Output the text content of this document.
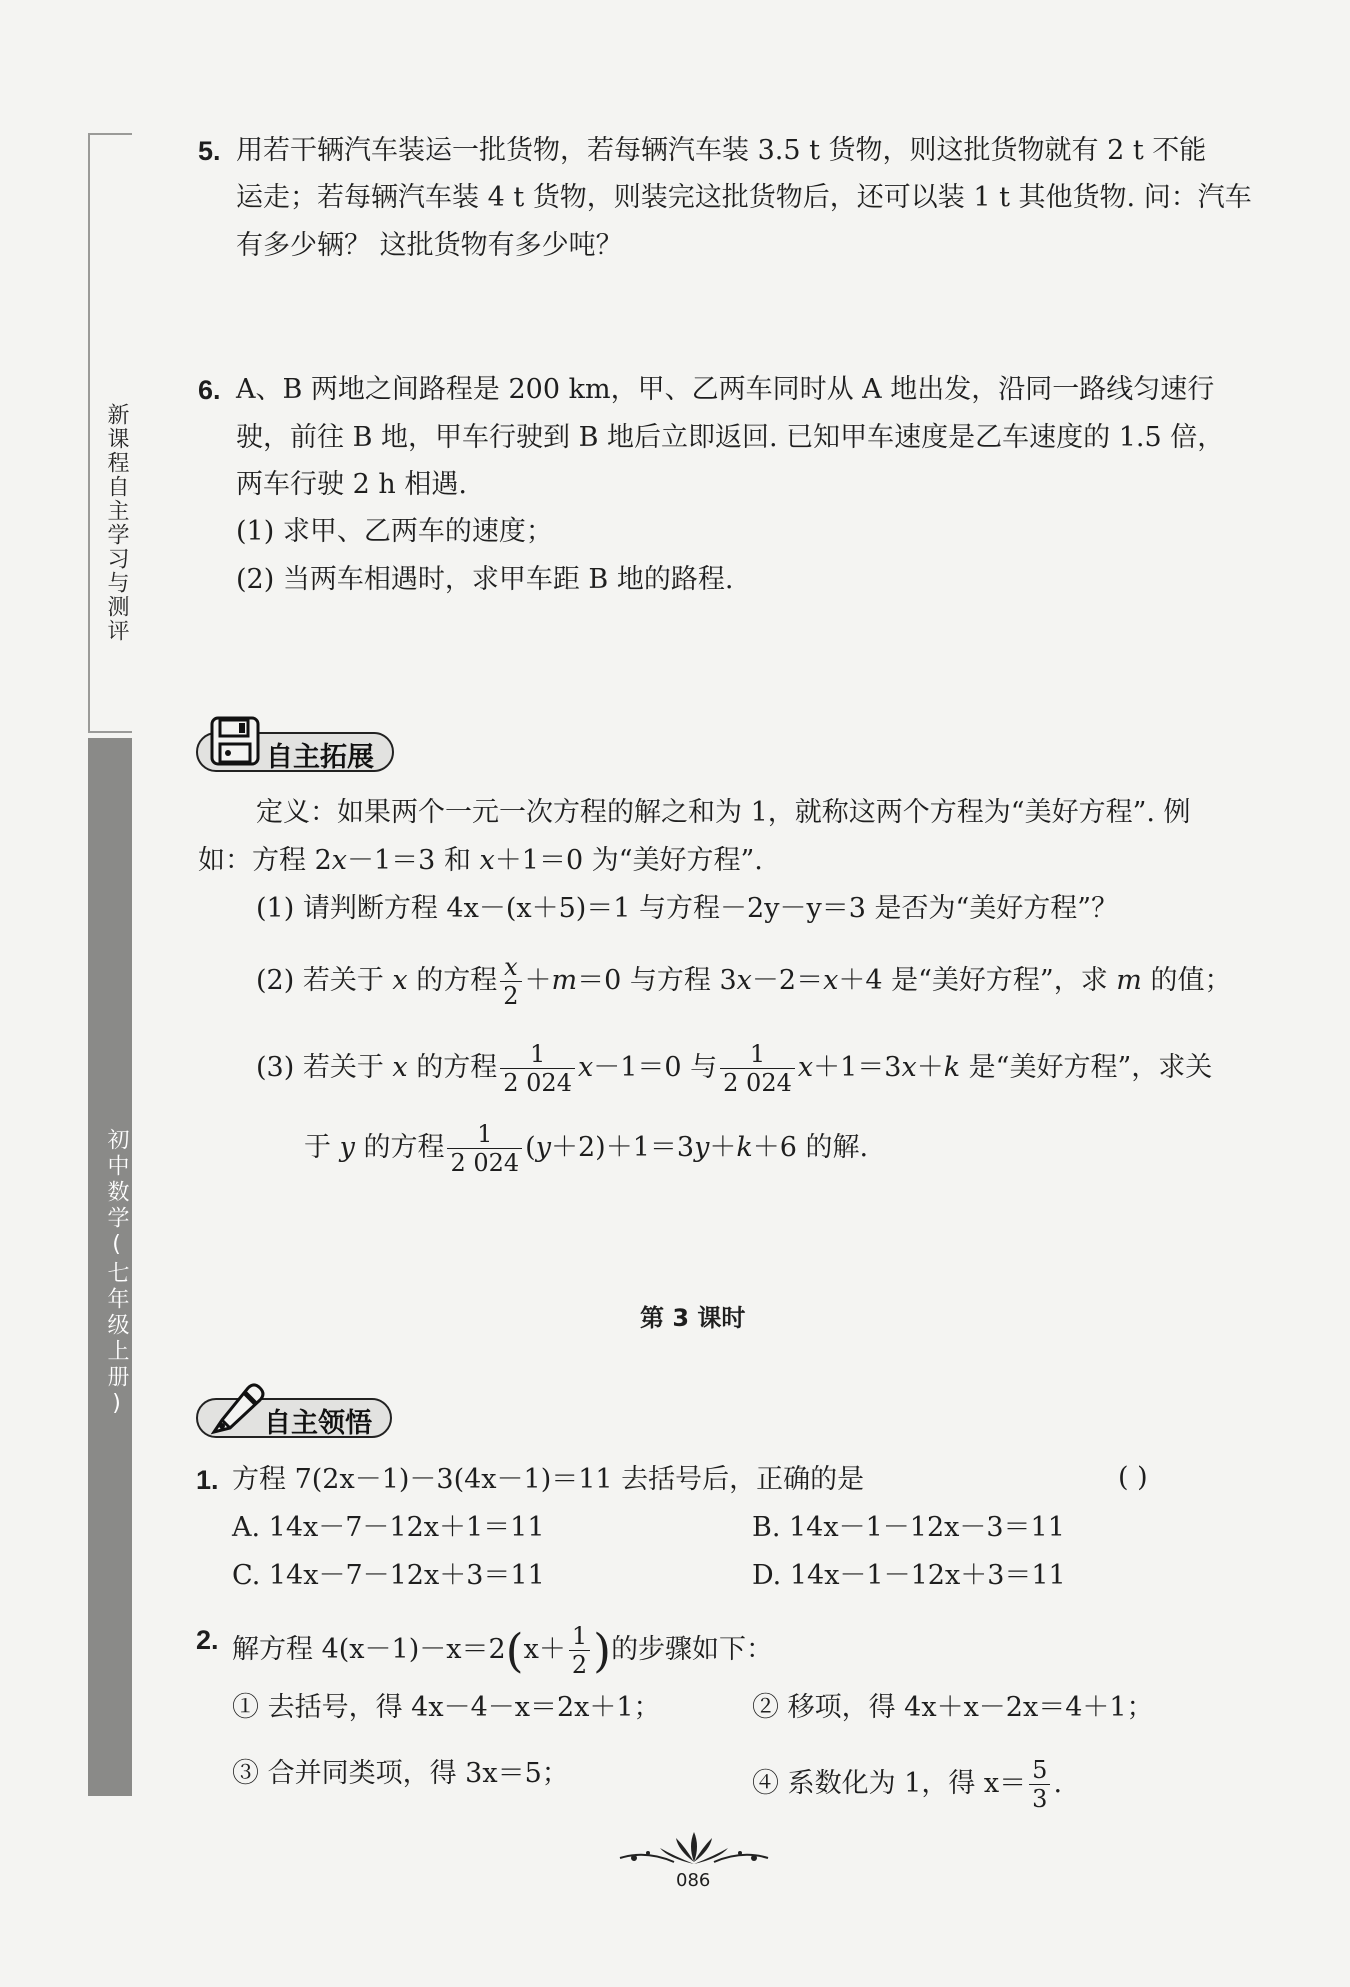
新课程自主学习与测评
初中数学(七年级上册)
5. 用若干辆汽车装运一批货物，若每辆汽车装 3.5 t 货物，则这批货物就有 2 t 不能
运走；若每辆汽车装 4 t 货物，则装完这批货物后，还可以装 1 t 其他货物. 问：汽车
有多少辆？ 这批货物有多少吨？
6. A、B 两地之间路程是 200 km，甲、乙两车同时从 A 地出发，沿同一路线匀速行
驶，前往 B 地，甲车行驶到 B 地后立即返回. 已知甲车速度是乙车速度的 1.5 倍，
两车行驶 2 h 相遇.
(1) 求甲、乙两车的速度；
(2) 当两车相遇时，求甲车距 B 地的路程.
自主拓展
定义：如果两个一元一次方程的解之和为 1，就称这两个方程为“美好方程”. 例
如：方程 2x－1＝3 和 x＋1＝0 为“美好方程”.
(1) 请判断方程 4x－(x＋5)＝1 与方程－2y－y＝3 是否为“美好方程”？
(2) 若关于 x 的方程 $\frac{x}{2} +m=0$ 与方程 3x－2＝x＋4 是“美好方程”，求 m 的值；
(3) 若关于 x 的方程 $\frac{1}{2 024} x-1=0$ 与 $\frac{1}{2 024} x+1=3x+k$ 是“美好方程”，求关
于 y 的方程 $\frac{1}{2 024} (y+2)+1=3y+k+6$ 的解.
第 3 课时
自主领悟
1. 方程 7(2x－1)－3(4x－1)＝11 去括号后，正确的是	( )
A. 14x－7－12x＋1＝11	B. 14x－1－12x－3＝11
C. 14x－7－12x＋3＝11	D. 14x－1－12x＋3＝11
2. 解方程 $4(x-1)-x=2(x+ \frac{1}{2}$ )的步骤如下：
① 去括号，得 4x－4－x＝2x＋1；	② 移项，得 4x＋x－2x＝4＋1；
③ 合并同类项，得 3x＝5；	④ 系数化为 1，得 $x= \frac{5}{3}$ .
086
